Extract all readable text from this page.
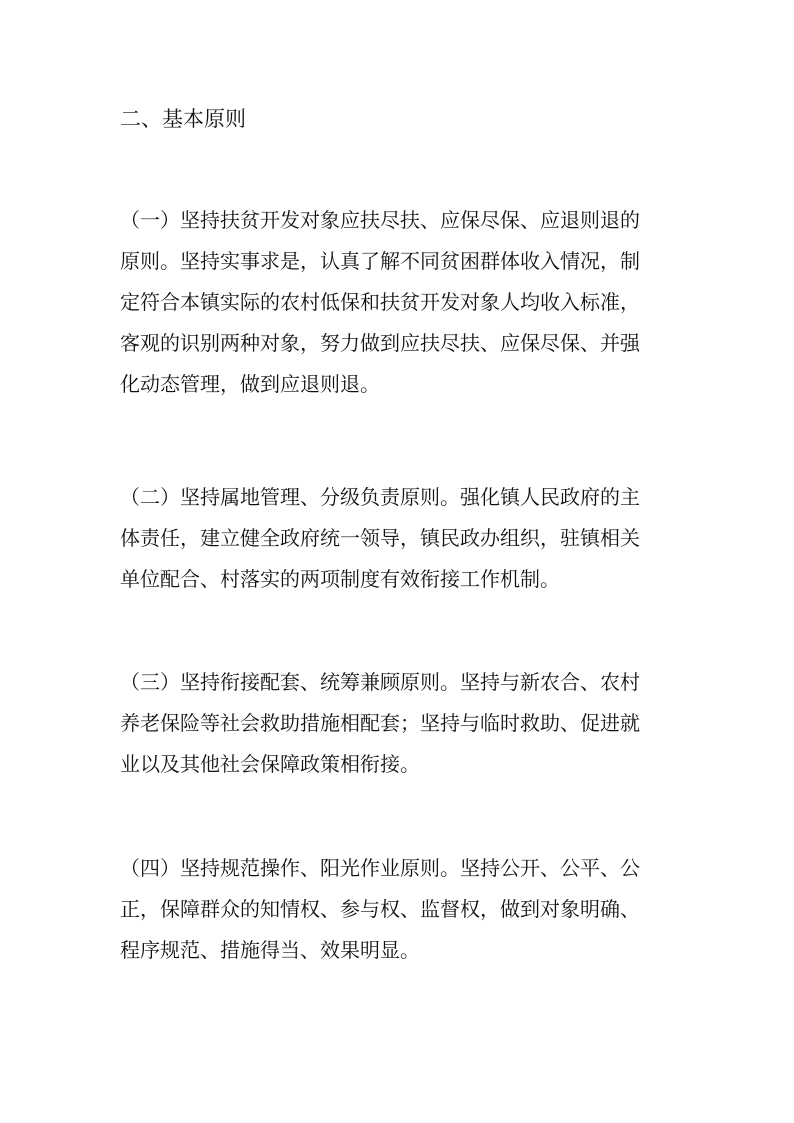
二、基本原则
（一）坚持扶贫开发对象应扶尽扶、应保尽保、应退则退的
原则。坚持实事求是，认真了解不同贫困群体收入情况，制
定符合本镇实际的农村低保和扶贫开发对象人均收入标准，
客观的识别两种对象，努力做到应扶尽扶、应保尽保、并强
化动态管理，做到应退则退。
（二）坚持属地管理、分级负责原则。强化镇人民政府的主
体责任，建立健全政府统一领导，镇民政办组织，驻镇相关
单位配合、村落实的两项制度有效衔接工作机制。
（三）坚持衔接配套、统筹兼顾原则。坚持与新农合、农村
养老保险等社会救助措施相配套；坚持与临时救助、促进就
业以及其他社会保障政策相衔接。
（四）坚持规范操作、阳光作业原则。坚持公开、公平、公
正，保障群众的知情权、参与权、监督权，做到对象明确、
程序规范、措施得当、效果明显。
